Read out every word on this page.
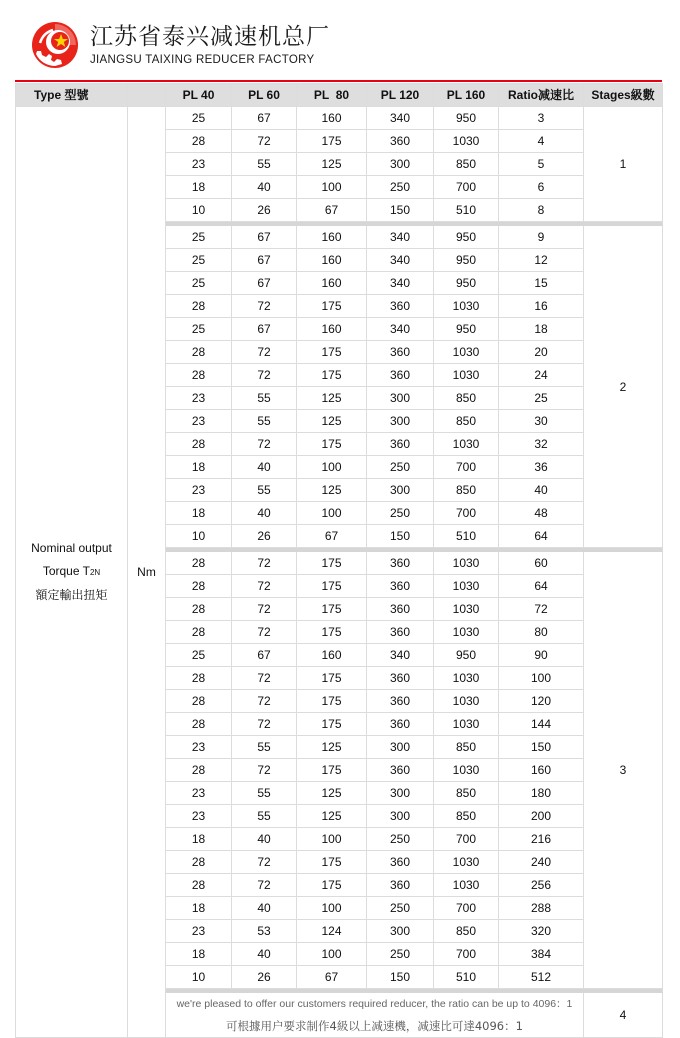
江苏省泰兴减速机总厂
JIANGSU TAIXING REDUCER FACTORY
Type 型號		PL 40	PL 60	PL  80	PL 120	PL 160	Ratio减速比	Stages級數

Nominal output
Torque T2N
額定輸出扭矩	Nm	25	67	160	340	950	3	1
		28	72	175	360	1030	4	
		23	55	125	300	850	5	
		18	40	100	250	700	6	
		10	26	67	150	510	8	

		25	67	160	340	950	9	2
		25	67	160	340	950	12	
		25	67	160	340	950	15	
		28	72	175	360	1030	16	
		25	67	160	340	950	18	
		28	72	175	360	1030	20	
		28	72	175	360	1030	24	
		23	55	125	300	850	25	
		23	55	125	300	850	30	
		28	72	175	360	1030	32	
		18	40	100	250	700	36	
		23	55	125	300	850	40	
		18	40	100	250	700	48	
		10	26	67	150	510	64	

		28	72	175	360	1030	60	3
		28	72	175	360	1030	64	
		28	72	175	360	1030	72	
		28	72	175	360	1030	80	
		25	67	160	340	950	90	
		28	72	175	360	1030	100	
		28	72	175	360	1030	120	
		28	72	175	360	1030	144	
		23	55	125	300	850	150	
		28	72	175	360	1030	160	
		23	55	125	300	850	180	
		23	55	125	300	850	200	
		18	40	100	250	700	216	
		28	72	175	360	1030	240	
		28	72	175	360	1030	256	
		18	40	100	250	700	288	
		23	53	124	300	850	320	
		18	40	100	250	700	384	
		10	26	67	150	510	512	

		we're pleased to offer our customers required reducer, the ratio can be up to 4096：1
可根據用户要求制作4級以上减速機，减速比可達4096：1						4
